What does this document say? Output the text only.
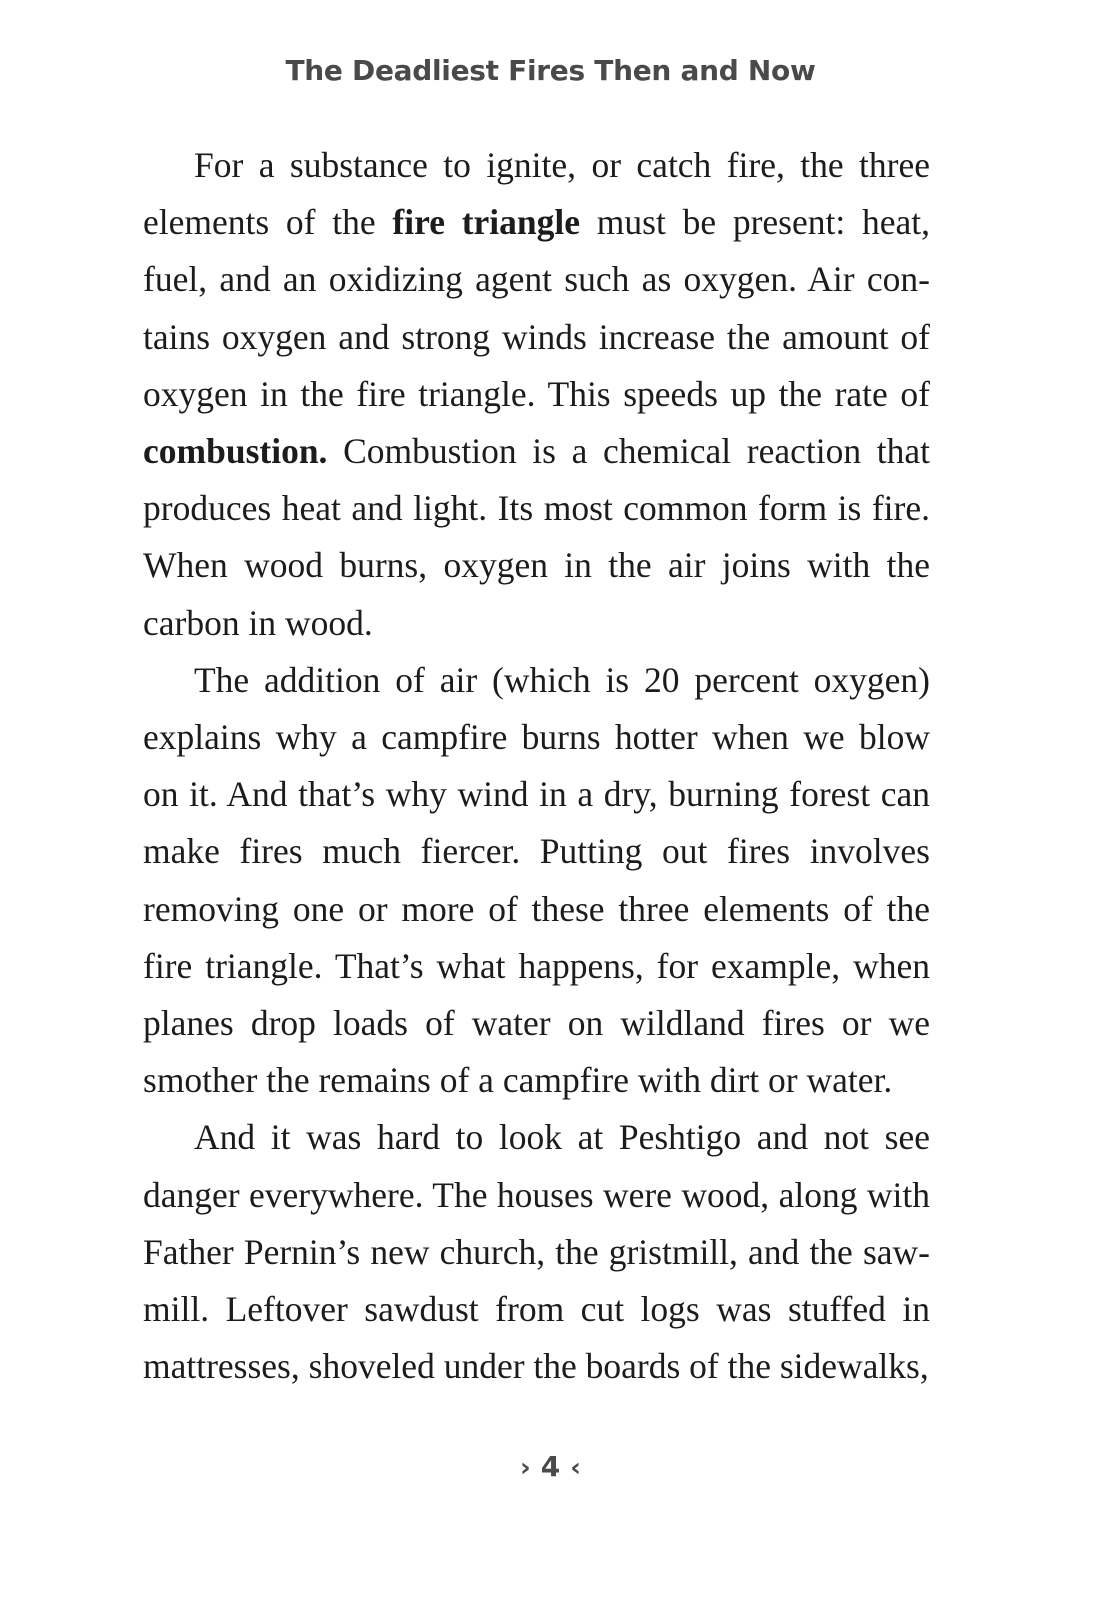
The Deadliest Fires Then and Now

For a substance to ignite, or catch fire, the three elements of the fire triangle must be present: heat, fuel, and an oxidizing agent such as oxygen. Air contains oxygen and strong winds increase the amount of oxygen in the fire triangle. This speeds up the rate of combustion. Combustion is a chemical reaction that produces heat and light. Its most common form is fire. When wood burns, oxygen in the air joins with the carbon in wood.

The addition of air (which is 20 percent oxygen) explains why a campfire burns hotter when we blow on it. And that’s why wind in a dry, burning forest can make fires much fiercer. Putting out fires involves removing one or more of these three elements of the fire triangle. That’s what happens, for example, when planes drop loads of water on wildland fires or we smother the remains of a campfire with dirt or water.

And it was hard to look at Peshtigo and not see danger everywhere. The houses were wood, along with Father Pernin’s new church, the gristmill, and the sawmill. Leftover sawdust from cut logs was stuffed in mattresses, shoveled under the boards of the sidewalks,

› 4 ‹
